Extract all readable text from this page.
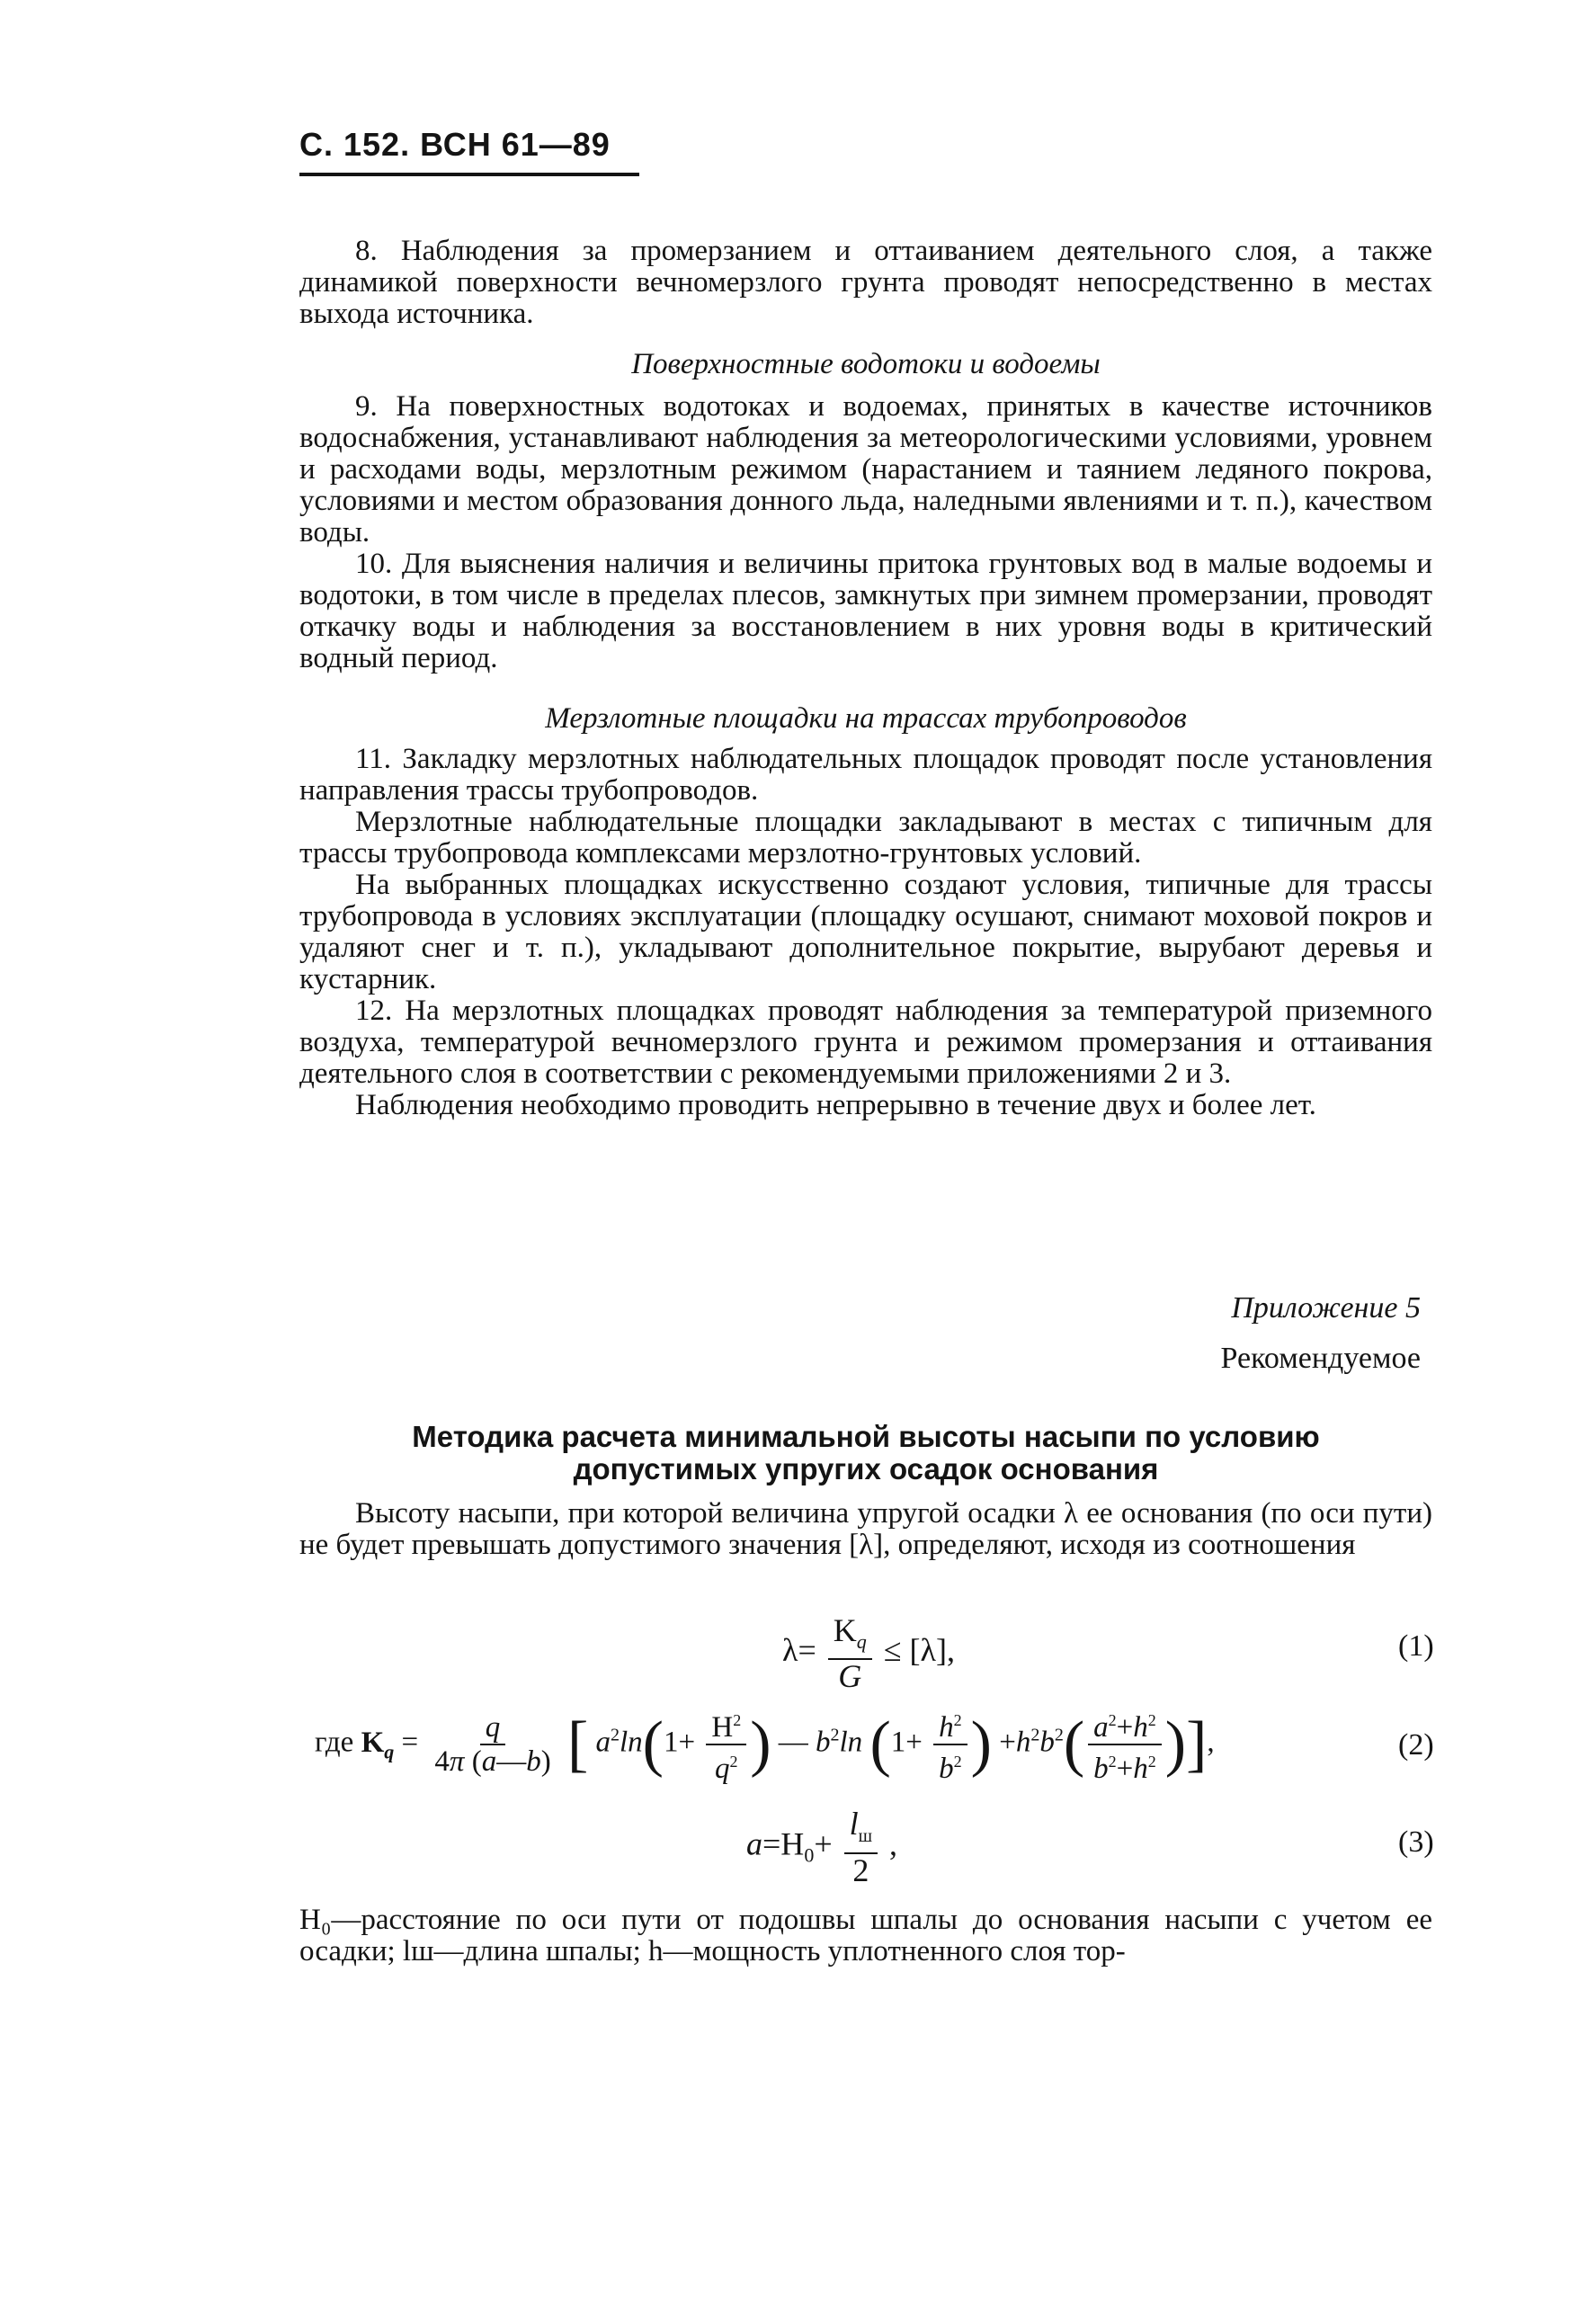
С. 152. ВСН 61—89

8. Наблюдения за промерзанием и оттаиванием деятельного слоя, а также динамикой поверхности вечномерзлого грунта проводят непосредственно в местах выхода источника.

Поверхностные водотоки и водоемы

9. На поверхностных водотоках и водоемах, принятых в качестве источников водоснабжения, устанавливают наблюдения за метеорологическими условиями, уровнем и расходами воды, мерзлотным режимом (нарастанием и таянием ледяного покрова, условиями и местом образования донного льда, наледными явлениями и т. п.), качеством воды.

10. Для выяснения наличия и величины притока грунтовых вод в малые водоемы и водотоки, в том числе в пределах плесов, замкнутых при зимнем промерзании, проводят откачку воды и наблюдения за восстановлением в них уровня воды в критический водный период.

Мерзлотные площадки на трассах трубопроводов

11. Закладку мерзлотных наблюдательных площадок проводят после установления направления трассы трубопроводов.

Мерзлотные наблюдательные площадки закладывают в местах с типичным для трассы трубопровода комплексами мерзлотно-грунтовых условий.

На выбранных площадках искусственно создают условия, типичные для трассы трубопровода в условиях эксплуатации (площадку осушают, снимают моховой покров и удаляют снег и т. п.), укладывают дополнительное покрытие, вырубают деревья и кустарник.

12. На мерзлотных площадках проводят наблюдения за температурой приземного воздуха, температурой вечномерзлого грунта и режимом промерзания и оттаивания деятельного слоя в соответствии с рекомендуемыми приложениями 2 и 3.

Наблюдения необходимо проводить непрерывно в течение двух и более лет.

Приложение 5
Рекомендуемое
Методика расчета минимальной высоты насыпи по условию
допустимых упругих осадок основания

Высоту насыпи, при которой величина упругой осадки λ ее основания (по оси пути) не будет превышать допустимого значения [λ], определяют, исходя из соотношения

$\lambda= \frac{K_q}{G} \le [\lambda]$,	(1)
где $K_q = \frac{q}{4\pi (a—b)}$ [ $a^2\ln(1+ \frac{H^2}{q^2}$ ) — $b^2\ln$ ($1+ \frac{h^2}{b^2}$ ) $+h^2b^2( \frac{a^2+h^2}{b^2+h^2}$ )],	(2)
$a=H_0+ \frac{l_ш}{2}$ ,	(3)

H₀—расстояние по оси пути от подошвы шпалы до основания насыпи с учетом ее осадки; lш—длина шпалы; h—мощность уплотненного слоя тор-
